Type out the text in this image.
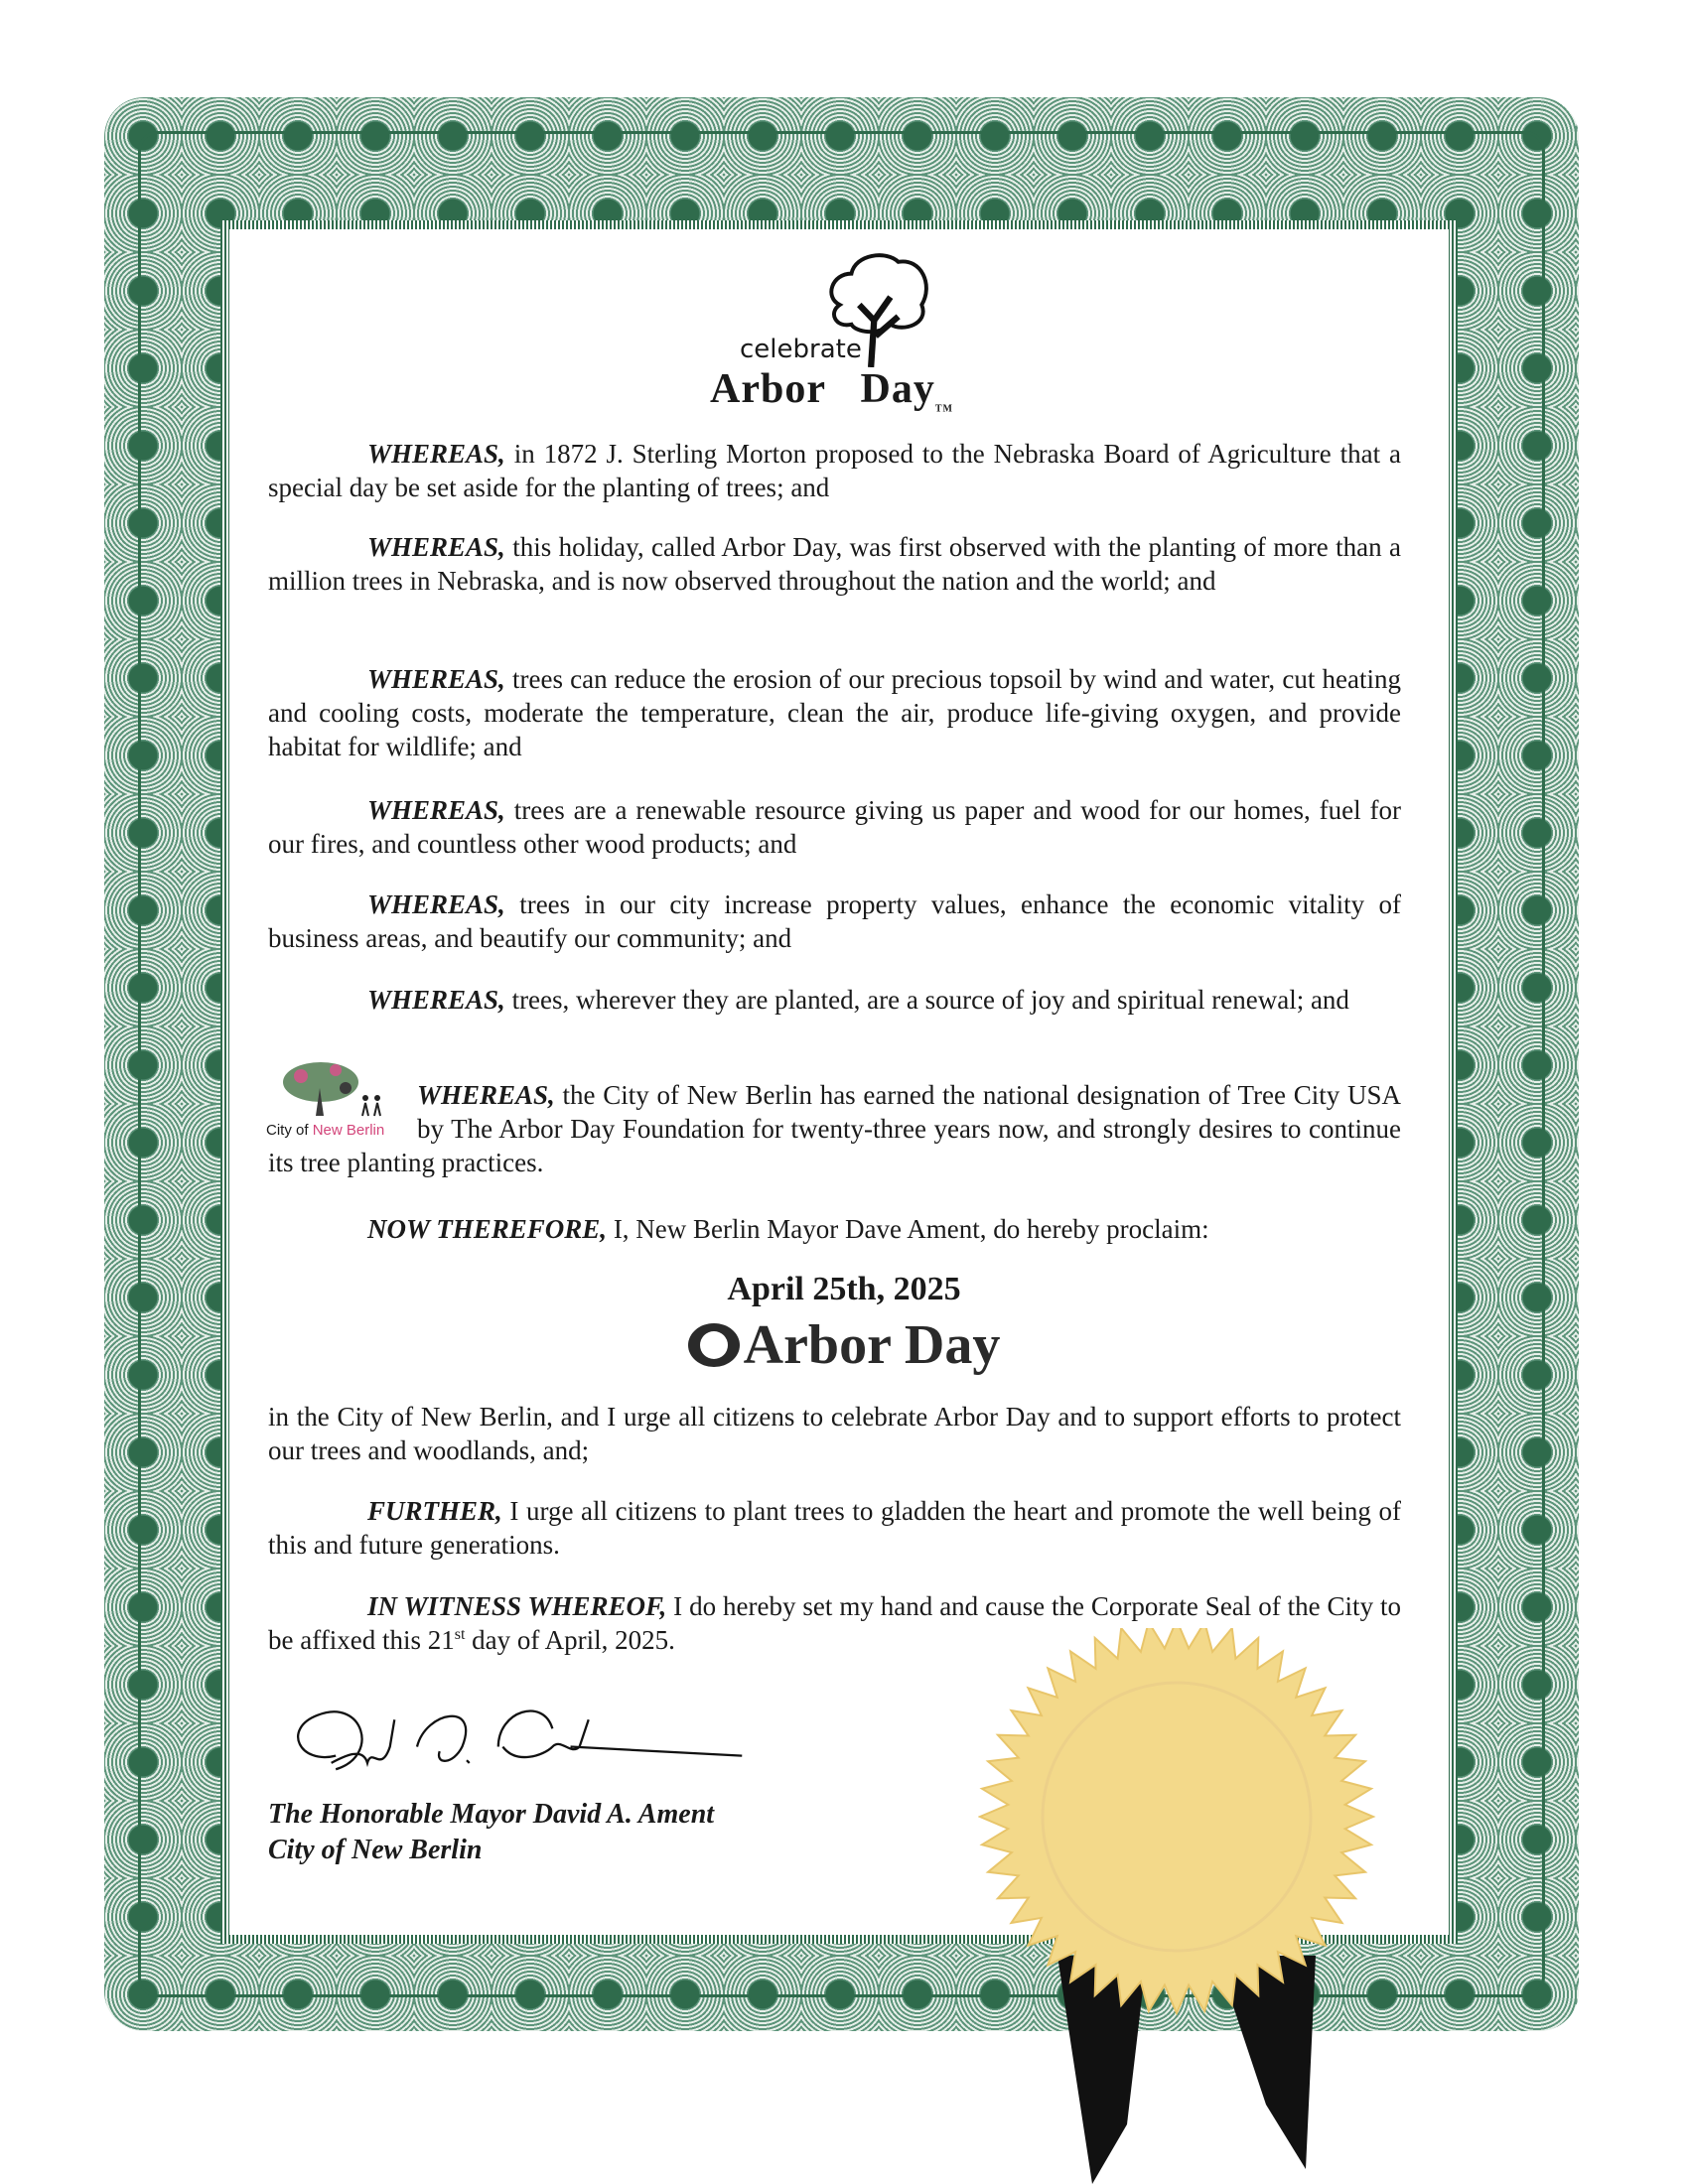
celebrate
Arbor Day$_{TM}$
WHEREAS, in 1872 J. Sterling Morton proposed to the Nebraska Board of Agriculture that a special day be set aside for the planting of trees; and
WHEREAS, this holiday, called Arbor Day, was first observed with the planting of more than a million trees in Nebraska, and is now observed throughout the nation and the world; and
WHEREAS, trees can reduce the erosion of our precious topsoil by wind and water, cut heating and cooling costs, moderate the temperature, clean the air, produce life-giving oxygen, and provide habitat for wildlife; and
WHEREAS, trees are a renewable resource giving us paper and wood for our homes, fuel for our fires, and countless other wood products; and
WHEREAS, trees in our city increase property values, enhance the economic vitality of business areas, and beautify our community; and
WHEREAS, trees, wherever they are planted, are a source of joy and spiritual renewal; and
WHEREAS, the City of New Berlin has earned the national designation of Tree City USA by The Arbor Day Foundation for twenty-three years now, and strongly desires to continue its tree planting practices.
City of New Berlin
NOW THEREFORE, I, New Berlin Mayor Dave Ament, do hereby proclaim:
April 25th, 2025
Arbor Day
in the City of New Berlin, and I urge all citizens to celebrate Arbor Day and to support efforts to protect our trees and woodlands, and;
FURTHER, I urge all citizens to plant trees to gladden the heart and promote the well being of this and future generations.
IN WITNESS WHEREOF, I do hereby set my hand and cause the Corporate Seal of the City to be affixed this 21st day of April, 2025.
The Honorable Mayor David A. Ament
City of New Berlin
